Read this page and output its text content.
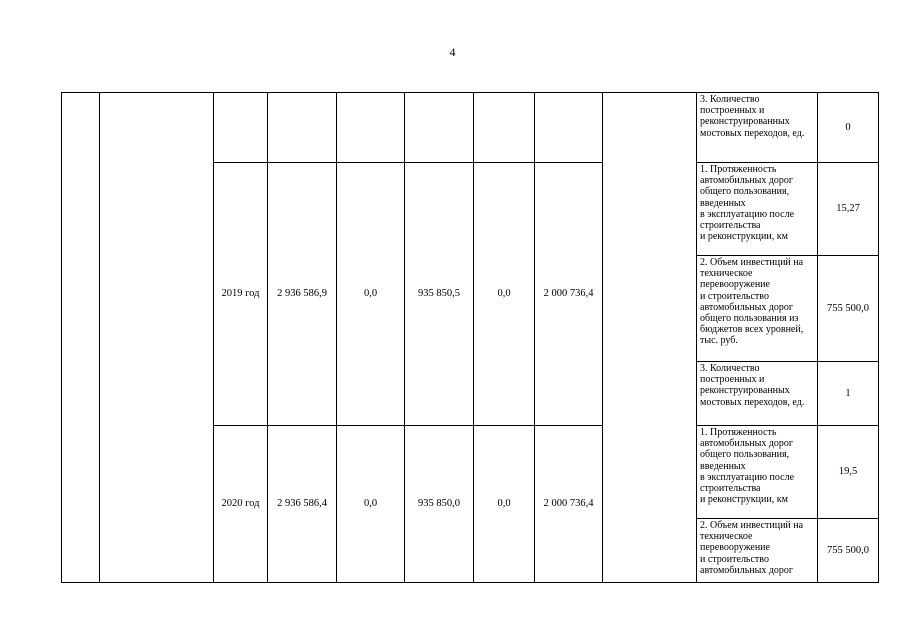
4
									3. Количество построенных и реконструированных мостовых переходов, ед.	0
		2019 год	2 936 586,9	0,0	935 850,5	0,0	2 000 736,4		1. Протяженность автомобильных дорог общего пользования, введенных
в эксплуатацию после строительства
и реконструкции, км	15,27
									2. Объем инвестиций на техническое перевооружение
и строительство автомобильных дорог общего пользования из бюджетов всех уровней, тыс. руб.	755 500,0
									3. Количество построенных и реконструированных мостовых переходов, ед.	1
		2020 год	2 936 586,4	0,0	935 850,0	0,0	2 000 736,4		1. Протяженность автомобильных дорог общего пользования, введенных
в эксплуатацию после строительства
и реконструкции, км	19,5
									2. Объем инвестиций на техническое перевооружение
и строительство автомобильных дорог	755 500,0
